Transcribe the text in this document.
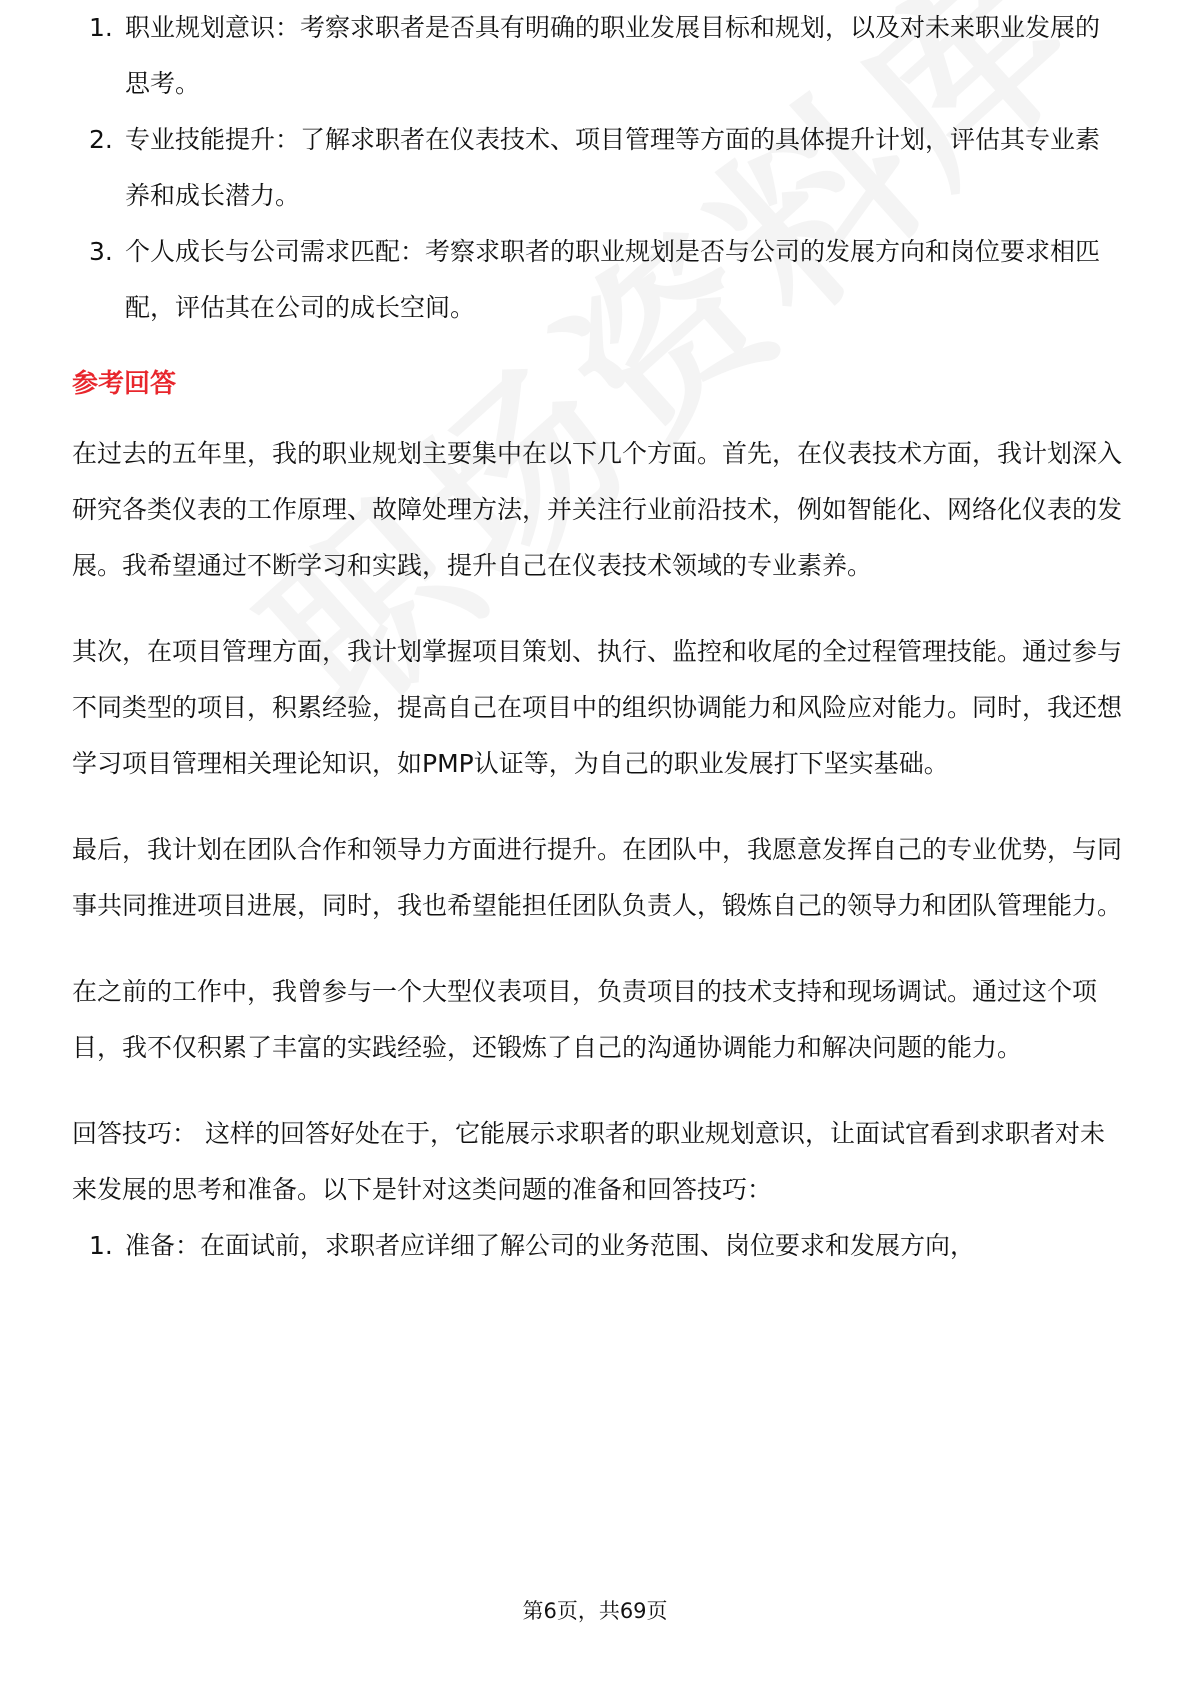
1. 职业规划意识：考察求职者是否具有明确的职业发展目标和规划，以及对未来职业发展的思考。
2. 专业技能提升：了解求职者在仪表技术、项目管理等方面的具体提升计划，评估其专业素养和成长潜力。
3. 个人成长与公司需求匹配：考察求职者的职业规划是否与公司的发展方向和岗位要求相匹配，评估其在公司的成长空间。
参考回答

在过去的五年里，我的职业规划主要集中在以下几个方面。首先，在仪表技术方面，我计划深入研究各类仪表的工作原理、故障处理方法，并关注行业前沿技术，例如智能化、网络化仪表的发展。我希望通过不断学习和实践，提升自己在仪表技术领域的专业素养。

其次，在项目管理方面，我计划掌握项目策划、执行、监控和收尾的全过程管理技能。通过参与不同类型的项目，积累经验，提高自己在项目中的组织协调能力和风险应对能力。同时，我还想学习项目管理相关理论知识，如PMP认证等，为自己的职业发展打下坚实基础。

最后，我计划在团队合作和领导力方面进行提升。在团队中，我愿意发挥自己的专业优势，与同事共同推进项目进展，同时，我也希望能担任团队负责人，锻炼自己的领导力和团队管理能力。

在之前的工作中，我曾参与一个大型仪表项目，负责项目的技术支持和现场调试。通过这个项目，我不仅积累了丰富的实践经验，还锻炼了自己的沟通协调能力和解决问题的能力。

回答技巧： 这样的回答好处在于，它能展示求职者的职业规划意识，让面试官看到求职者对未来发展的思考和准备。以下是针对这类问题的准备和回答技巧：

1. 准备：在面试前，求职者应详细了解公司的业务范围、岗位要求和发展方向，
第6页，共69页
